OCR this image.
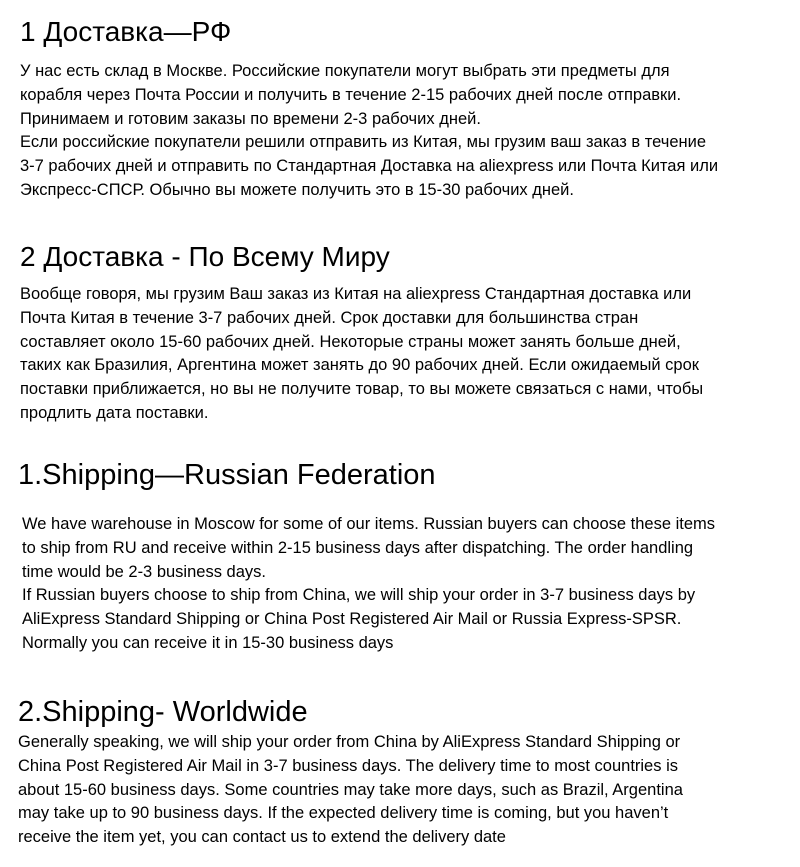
1 Доставка—РФ

У нас есть склад в Москве. Российские покупатели могут выбрать эти предметы для
корабля через Почта России и получить в течение 2-15 рабочих дней после отправки.
Принимаем и готовим заказы по времени 2-3 рабочих дней.
Если российские покупатели решили отправить из Китая, мы грузим ваш заказ в течение
3-7 рабочих дней и отправить по Стандартная Доставка на aliexpress или Почта Китая или
Экспресс-СПСР. Обычно вы можете получить это в 15-30 рабочих дней.

2 Доставка - По Всему Миру

Вообще говоря, мы грузим Ваш заказ из Китая на aliexpress Стандартная доставка или
Почта Китая в течение 3-7 рабочих дней. Срок доставки для большинства стран
составляет около 15-60 рабочих дней. Некоторые страны может занять больше дней,
таких как Бразилия, Аргентина может занять до 90 рабочих дней. Если ожидаемый срок
поставки приближается, но вы не получите товар, то вы можете связаться с нами, чтобы
продлить дата поставки.

1.Shipping—Russian Federation

We have warehouse in Moscow for some of our items. Russian buyers can choose these items
to ship from RU and receive within 2-15 business days after dispatching. The order handling
time would be 2-3 business days.
If Russian buyers choose to ship from China, we will ship your order in 3-7 business days by
AliExpress Standard Shipping or China Post Registered Air Mail or Russia Express-SPSR.
Normally you can receive it in 15-30 business days

2.Shipping- Worldwide

Generally speaking, we will ship your order from China by AliExpress Standard Shipping or
China Post Registered Air Mail in 3-7 business days. The delivery time to most countries is
about 15-60 business days. Some countries may take more days, such as Brazil, Argentina
may take up to 90 business days. If the expected delivery time is coming, but you haven’t
receive the item yet, you can contact us to extend the delivery date
